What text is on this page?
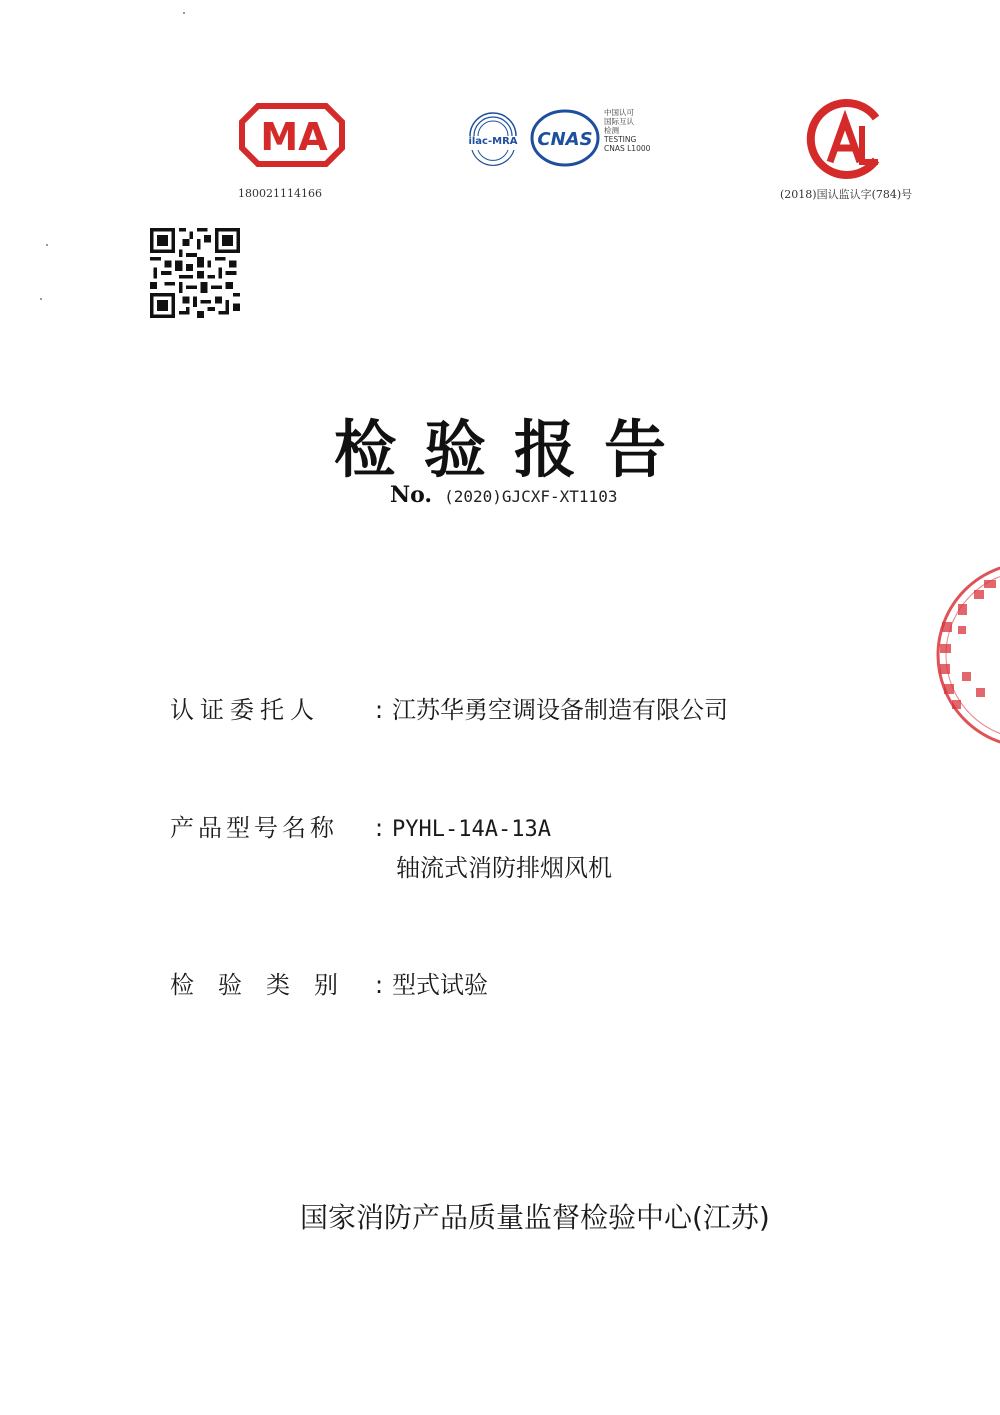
MA
180021114166
ilac-MRA CNAS
中国认可
国际互认
检测
TESTING
CNAS L1000
(2018)国认监认字(784)号
检验报告
No. (2020)GJCXF-XT1103
认证委托人 : 江苏华勇空调设备制造有限公司
产品型号名称 : PYHL-14A-13A
轴流式消防排烟风机
检验类别 : 型式试验
国家消防产品质量监督检验中心(江苏)
